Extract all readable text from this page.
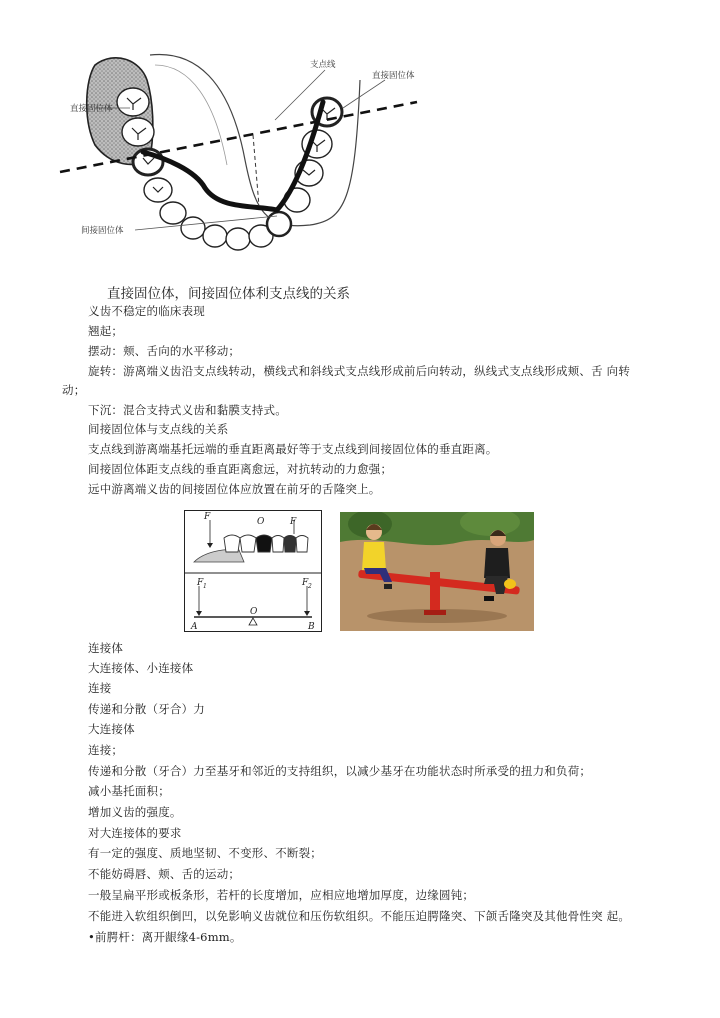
支点线
直接固位体
直接固位体
间接固位体
直接固位体，间接固位体利支点线的关系
义齿不稳定的临床表现
翘起；
摆动：颊、舌向的水平移动；
旋转：游离端义齿沿支点线转动，横线式和斜线式支点线形成前后向转动，纵线式支点线形成颊、舌 向转
动；
下沉：混合支持式义齿和黏膜支持式。
间接固位体与支点线的关系
支点线到游离端基托远端的垂直距离最好等于支点线到间接固位体的垂直距离。
间接固位体距支点线的垂直距离愈远，对抗转动的力愈强；
远中游离端义齿的间接固位体应放置在前牙的舌隆突上。
F	O	F
F 1	F 2
O
A	B
连接体
大连接体、小连接体
连接
传递和分散（牙合）力
大连接体
连接；
传递和分散（牙合）力至基牙和邻近的支持组织，以减少基牙在功能状态时所承受的扭力和负荷；
减小基托面积；
增加义齿的强度。
对大连接体的要求
有一定的强度、质地坚韧、不变形、不断裂；
不能妨碍唇、颊、舌的运动；
一般呈扁平形或板条形，若杆的长度增加，应相应地增加厚度，边缘圆钝；
不能进入软组织倒凹，以免影响义齿就位和压伤软组织。不能压迫腭隆突、下颌舌隆突及其他骨性突 起。
•前腭杆：离开龈缘4-6mm。
